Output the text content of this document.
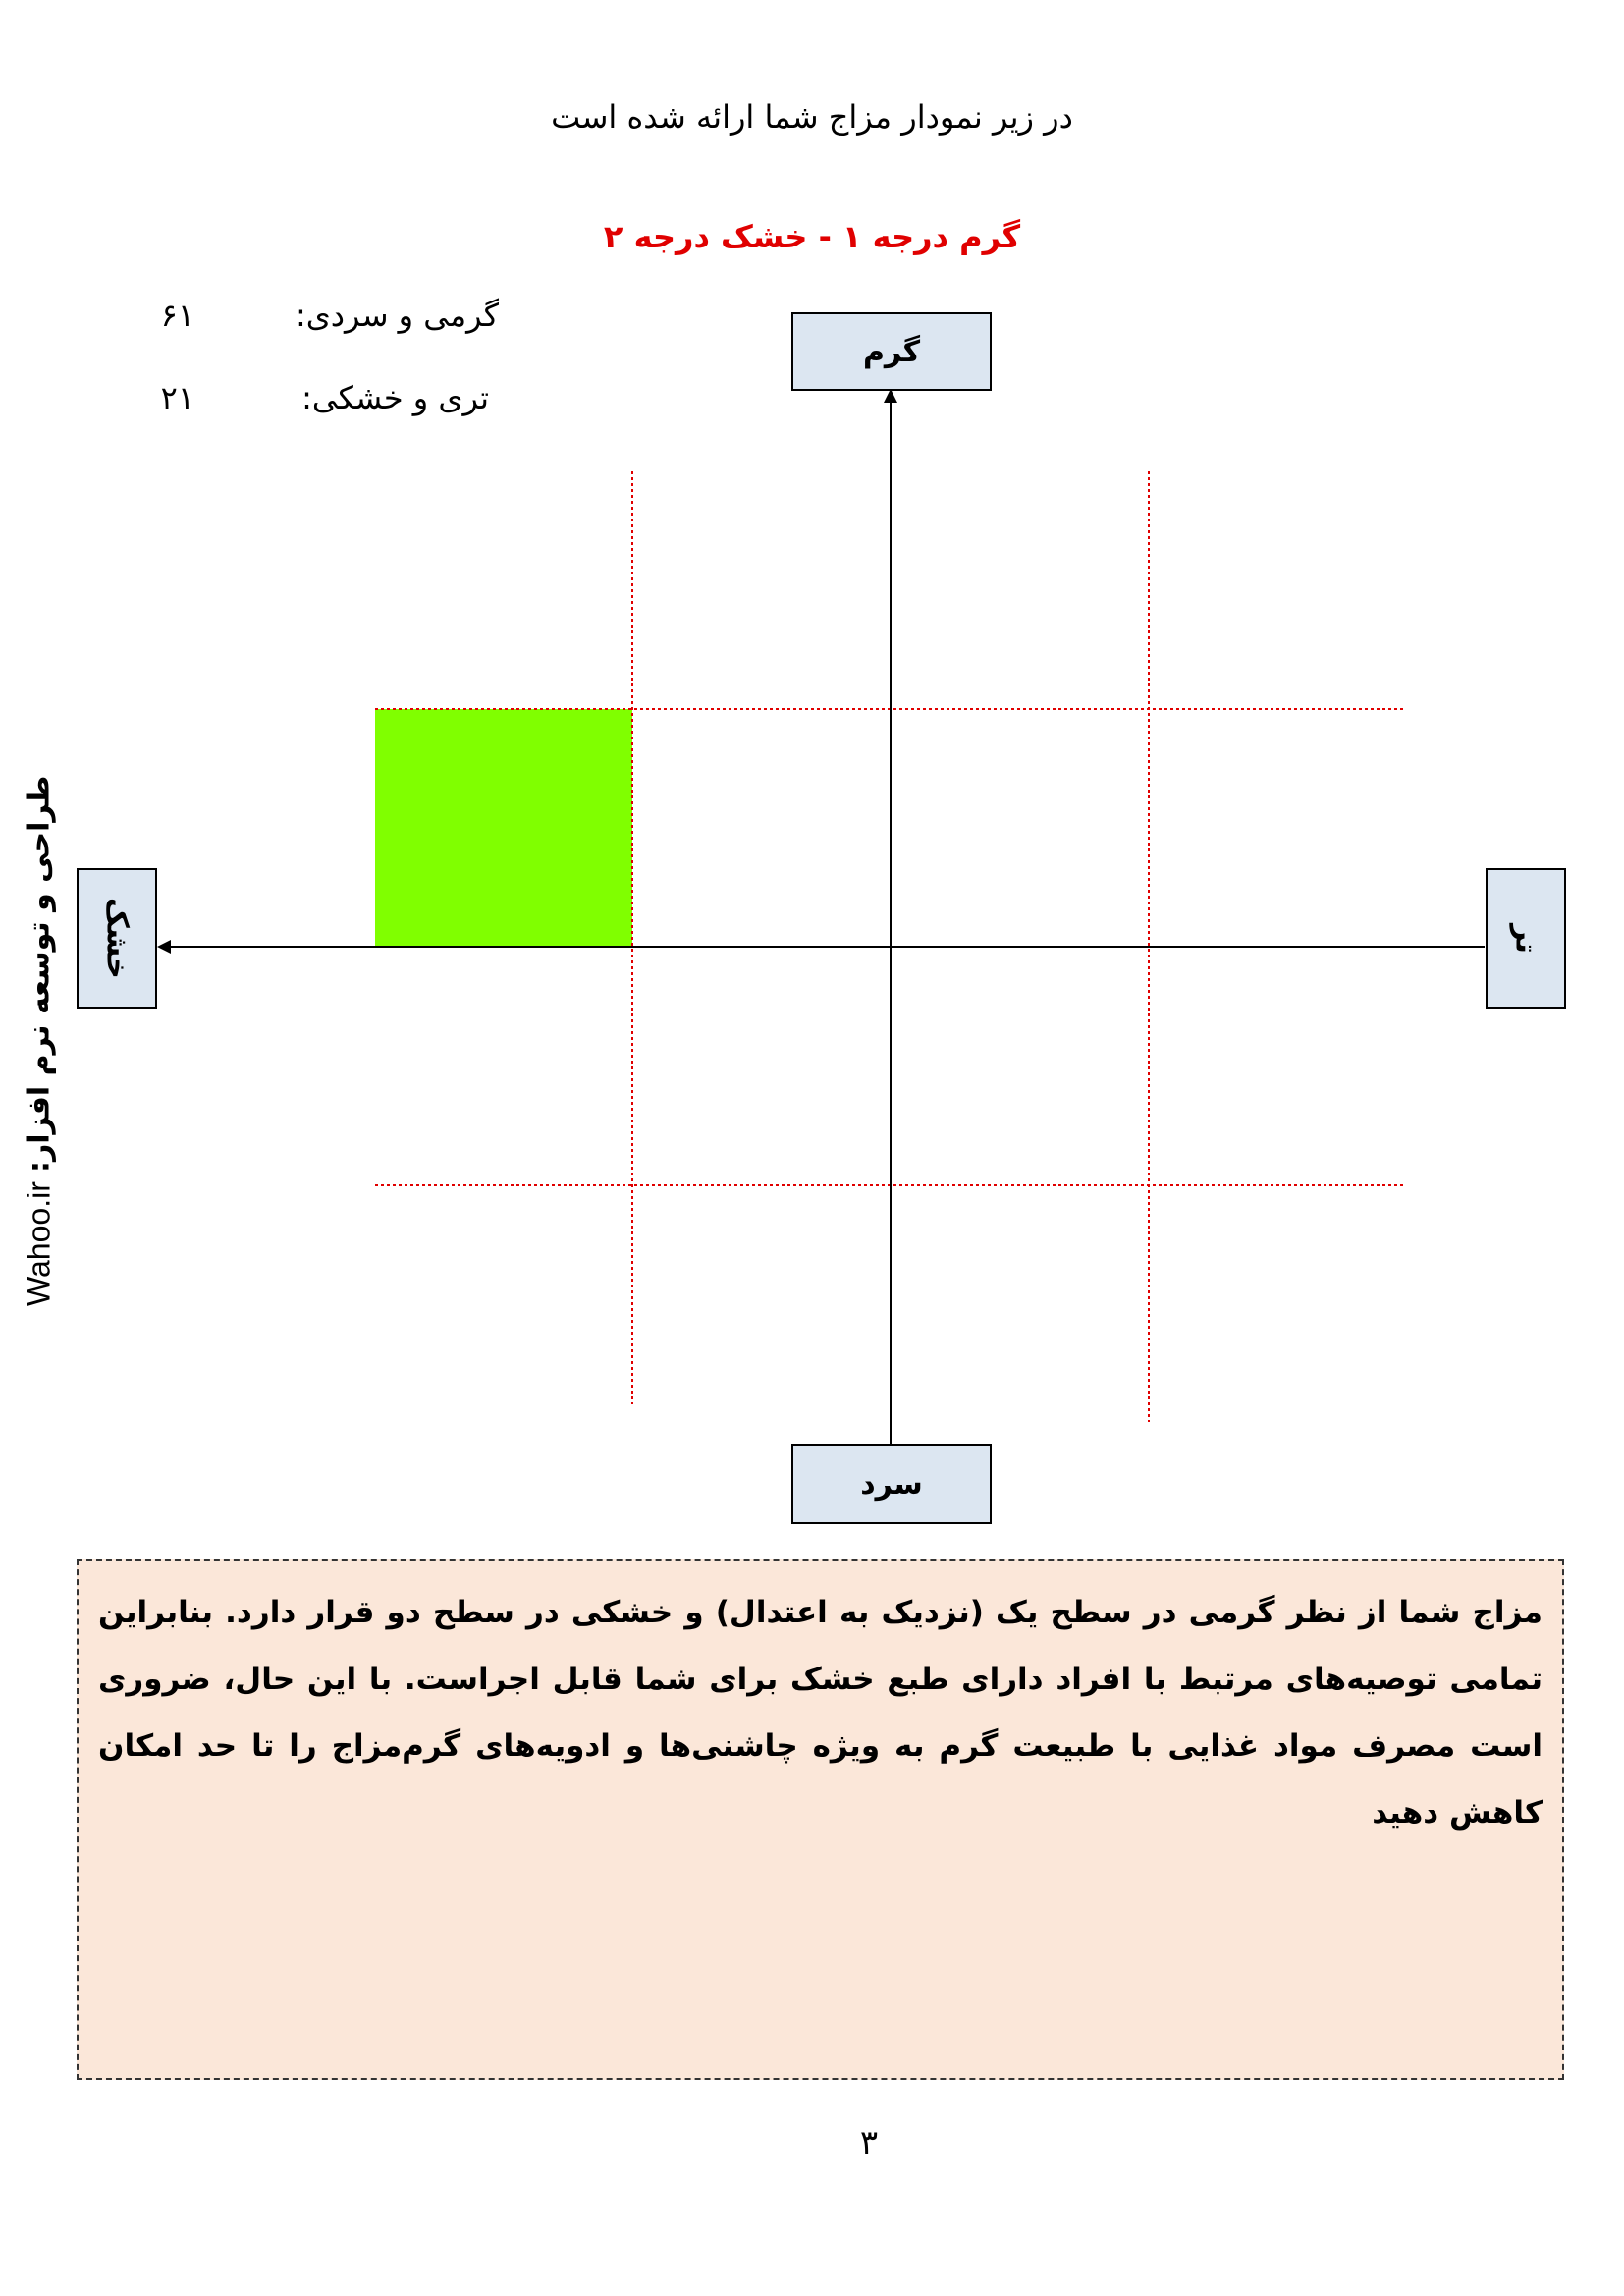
در زیر نمودار مزاج شما ارائه شده است
گرم درجه ۱ - خشک درجه ۲
گرمی و سردی:
۶۱
تری و خشکی:
۲۱
گرم
سرد
خشک	تر
Wahoo.ir
طراحی و توسعه نرم افزار:
مزاج شما از نظر گرمی در سطح یک (نزدیک به اعتدال) و خشکی در سطح دو قرار دارد. بنابراین تمامی توصیه‌های مرتبط با افراد دارای طبع خشک برای شما قابل اجراست. با این حال، ضروری است مصرف مواد غذایی با طبیعت گرم به ویژه چاشنی‌ها و ادویه‌های گرم‌مزاج را تا حد امکان کاهش دهید
۳
